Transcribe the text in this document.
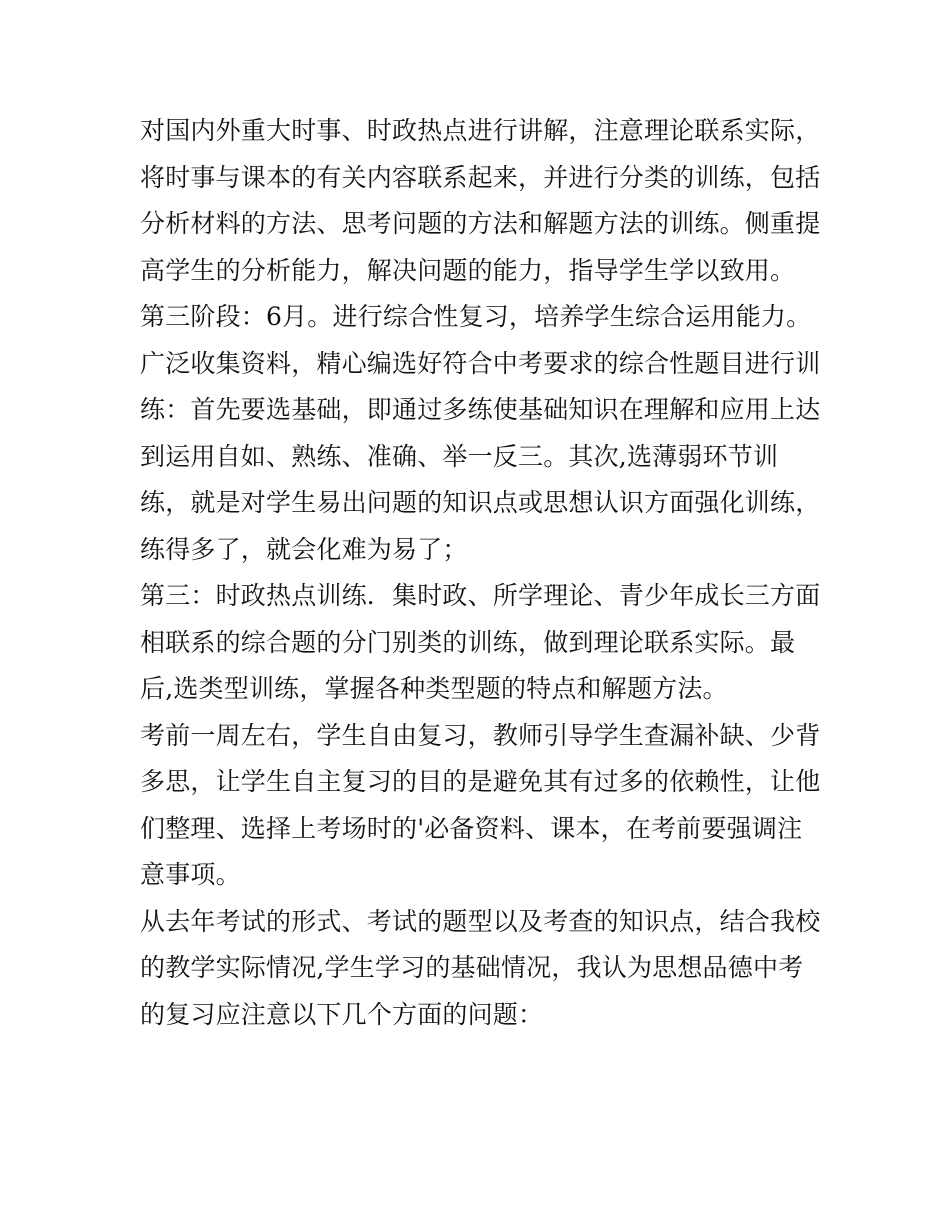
对国内外重大时事、时政热点进行讲解，注意理论联系实际，
将时事与课本的有关内容联系起来，并进行分类的训练，包括
分析材料的方法、思考问题的方法和解题方法的训练。侧重提
高学生的分析能力，解决问题的能力，指导学生学以致用。
第三阶段：6月。进行综合性复习，培养学生综合运用能力。
广泛收集资料，精心编选好符合中考要求的综合性题目进行训
练：首先要选基础，即通过多练使基础知识在理解和应用上达
到运用自如、熟练、准确、举一反三。其次,选薄弱环节训
练，就是对学生易出问题的知识点或思想认识方面强化训练，
练得多了，就会化难为易了；
第三：时政热点训练．集时政、所学理论、青少年成长三方面
相联系的综合题的分门别类的训练，做到理论联系实际。最
后,选类型训练，掌握各种类型题的特点和解题方法。
考前一周左右，学生自由复习，教师引导学生查漏补缺、少背
多思，让学生自主复习的目的是避免其有过多的依赖性，让他
们整理、选择上考场时的'必备资料、课本，在考前要强调注
意事项。
从去年考试的形式、考试的题型以及考查的知识点，结合我校
的教学实际情况,学生学习的基础情况，我认为思想品德中考
的复习应注意以下几个方面的问题：
